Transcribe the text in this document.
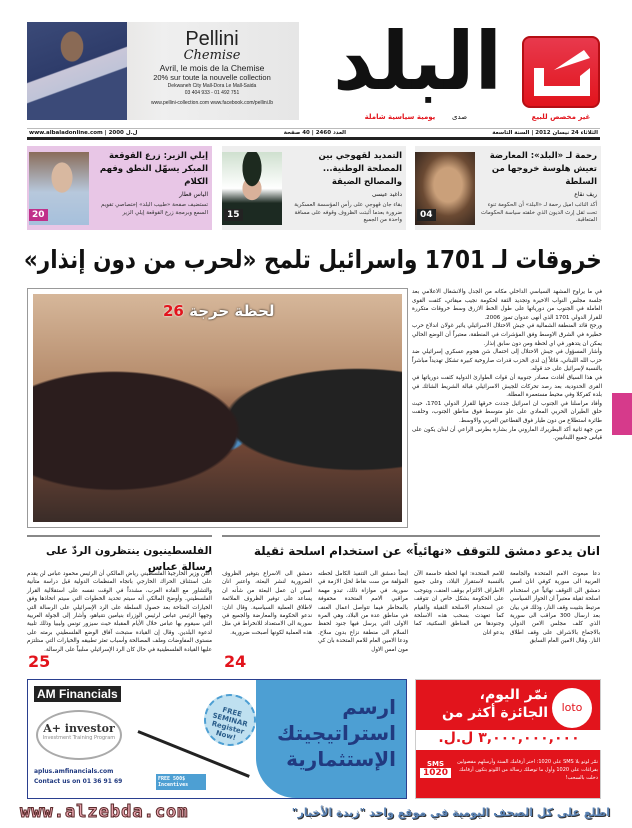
Pellini
Chemise
Avril, le mois de la Chemise
20% sur toute la nouvelle collection
Dekwaneh City Mall-Dora Le Mall-Saida
03 404 933 - 01 492 751
www.pellini-collection.com www.facebook.com/pellini.lb البلد
صدى
يومية سياسية شاملة	غير مخصص للبيع
www.albaladonline.com | 2000 ل.ل	العدد 2460 | 40 صفحة	الثلاثاء 24 نيسان 2012 | السنة التاسعة
04
رحمة لـ «البلد»: المعارضة تعيش هلوسة خروجها من السلطة
ريف نقاع

أكد النائب اميل رحمة لـ «البلد» أن الحكومة تنوء تحت ثقل إرث الديون الذي خلفته سياسة الحكومات المتعاقبة.

15
التمديد لقهوجي بين المصلحة الوطنية... والمصالح الضيقة
داغيد عيسى

بقاء جان قهوجي على رأس المؤسسة العسكرية ضرورة بعدما أثبتت الظروف وقوفه على مسافة واحدة من الجميع

20
إيلي الزير: زرع القوقعة المبكر يسهّل النطق وفهم الكلام
الياس قطار

تستضيف صفحة «طبيب البلد» إختصاصي تقويم السمع وبرمجة زرع القوقعة إيلي الزير

خروقات لـ 1701 واسرائيل تلمح «لحرب من دون إنذار»
لحظة حرجة 26

في ما يراوح المشهد السياسي الداخلي مكانه من الجدل والانشغال الاعلامي بعد جلسة مجلس النواب الاخيرة وتجديد الثقة لحكومة نجيب ميقاتي، كثفت القوى العاملة في الجنوب من دورياتها على طول الخط الازرق وسط خروقات متكررة للقرار الدولي 1701 الذي أنهى عدوان تموز 2006.

ورجح قائد المنطقة الشمالية في جيش الاحتلال الاسرائيلي يائير غولان اندلاع حرب خطيرة في الشرق الاوسط وفق المؤشرات في المنطقة، معتبراً أن الوضع الحالي يمكن ان يتدهور في اي لحظة ومن دون سابق إنذار.

وأشار المسؤول في جيش الاحتلال إلى احتمال شن هجوم عسكري إسرائيلي ضد حزب الله اللبناني، قائلاً إن لدى الحزب قدرات صاروخية كبيرة تشكل تهديداً مباشراً بالنسبة لإسرائيل على حد قوله.

في هذا السياق أفادت مصادر جنوبية أن قوات الطوارئ الدولية كثفت دورياتها في القرى الحدودية، بعد رصد تحركات للجيش الاسرائيلي قبالة الشريط الشائك في بلدة كفركلا وفي محيط مستعمرة المطلة.

وأفاد مراسلنا في الجنوب ان اسرائيل جددت خرقها للقرار الدولي 1701، حيث حلق الطيران الحربي المعادي على علو متوسط فوق مناطق الجنوب، وحلقت طائرة استطلاع من دون طيار فوق القطاعين الغربي والاوسط.

من جهة ثانية أكد البطريرك الماروني مار بشارة بطرس الراعي أن لبنان يكون على قياس جميع اللبنانيين.

انان يدعو دمشق للتوقف «نهائياً» عن استخدام اسلحة ثقيلة
الفلسطينيون ينتظرون الردّ على رسالة عباس
دعا مبعوث الامم المتحدة والجامعة العربية الى سورية كوفي انان امس دمشق الى التوقف نهائياً عن استخدام اسلحة ثقيلة معتبراً ان الحوار السياسي مرتبط بتثبيت وقف النار، وذلك في بيان بعد ارسال 300 مراقب الى سورية الذي كلف مجلس الامن الدولي بالاجماع بالاشراف على وقف اطلاق النار. وقال الامين العام السابق
للامم المتحدة: انها لحظة حاسمة الآن بالنسبة لاستقرار البلاد، وعلى جميع الاطراف الالتزام بوقف العنف، ويتوجب على الحكومة بشكل خاص ان تتوقف عن استخدام الاسلحة الثقيلة والقيام كما تعهدت بسحب هذه الاسلحة وجنودها من المناطق السكنية، كما يدعو انان
ايضاً دمشق الى التنفيذ الكامل لخطته المؤلفة من ست نقاط لحل الازمة في سورية. في موازاة ذلك، تبدو مهمة مراقبي الامم المتحدة محفوفة بالمخاطر فيما تتواصل اعمال العنف في مناطق عدة من البلاد، وهي المرة الاولى التي يرسل فيها جنود لحفظ السلام الى منطقة نزاع بدون سلاح. ودعا الامين العام للامم المتحدة بان كي مون امس الاول
دمشق الى الاسراع بتوفير الظروف الضرورية لنشر البعثة، واعتبر انان امس ان عمل البعثة من شأنه ان يساعد على توفير الظروف الملائمة لاطلاق العملية السياسية. وقال انان: ندعو الحكومة والمعارضة والجميع في سورية الى الاستعداد للانخراط في مثل هذه العملية لكونها أصبحت ضرورية.
24
أعلن وزير الخارجية الفلسطيني رياض المالكي أن الرئيس محمود عباس لن يقدم على استئناف الحراك الخارجي باتجاه المنظمات الدولية قبل دراسة متأنية والتشاور مع القادة العرب، مشدداً في الوقت نفسه على استقلالية القرار الفلسطيني. وأوضح المالكي أنه سيتم تحديد الخطوات التي سيتم اتخاذها وفق الخيارات المتاحة بعد حصول السلطة على الرد الإسرائيلي على الرسالة التي وجهها الرئيس عباس لرئيس الوزراء بنيامين نتنياهو، وأشار إلى الجولة العربية التي سيقوم بها عباس خلال الأيام المقبلة حيث سيزور تونس وليبيا وذلك تلبية لدعوة البلدين. وقال إن القيادة ستبحث آفاق الوضع الفلسطيني برمته على مستوى المفاوضات وملف المصالحة وأسباب تعثر تطبيقه والخيارات التي ستلتزم عليها القيادة الفلسطينية في حال كان الرد الإسرائيلي سلبياً على الرسالة.
25
ارسم
استراتيجيتك
الإستثمارية
AM Financials
A+ investor
Investment Training Program
aplus.amfinancials.com
Contact us on 01 36 91 69
FREE SEMINAR Register Now!
FREE 500$ Incentives
loto
نمّر اليوم،
الجائزة أكثر من
٣,٠٠٠,٠٠٠,٠٠٠ ل.ل.
SMS
1020
نمّر لوتو بلا SMS على 1020: اختر أرقامك الستة وأرسلهم مفصولين بفراغات على 1020 وأول ما توصلك رسالة من اللوتو بتكون أرقامك دخلت بالسحب!
www.alzebda.com	اطلع على كل الصحف اليومية في موقع واحد "زبدة الأخبار"
